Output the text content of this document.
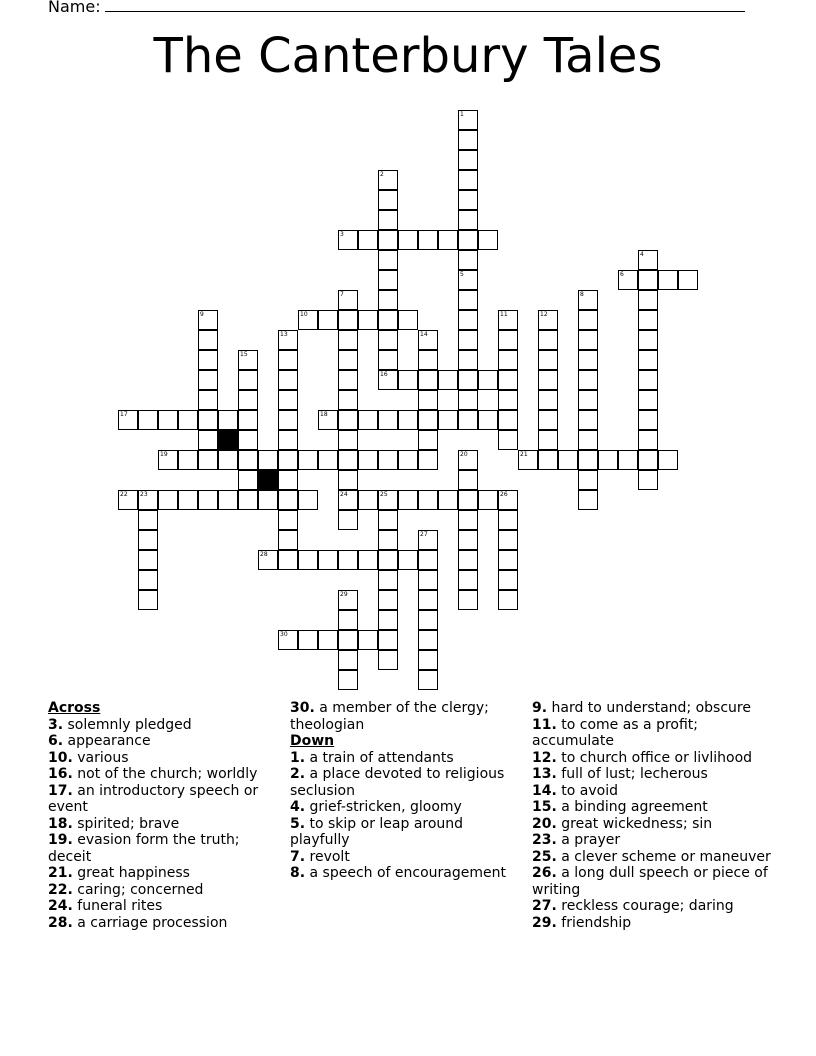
Name:
The Canterbury Tales
3
6
10
16
17	18
19	21
22 23	24	25	26
28
30
1
5
2
4
7	8
9	11	12
13	14
15
20
27
29
Across
3. solemnly pledged
6. appearance
10. various
16. not of the church; worldly
17. an introductory speech or event
18. spirited; brave
19. evasion form the truth; deceit
21. great happiness
22. caring; concerned
24. funeral rites
28. a carriage procession
30. a member of the clergy; theologian
Down
1. a train of attendants
2. a place devoted to religious seclusion
4. grief-stricken, gloomy
5. to skip or leap around playfully
7. revolt
8. a speech of encouragement
9. hard to understand; obscure
11. to come as a profit; accumulate
12. to church office or livlihood
13. full of lust; lecherous
14. to avoid
15. a binding agreement
20. great wickedness; sin
23. a prayer
25. a clever scheme or maneuver
26. a long dull speech or piece of writing
27. reckless courage; daring
29. friendship
